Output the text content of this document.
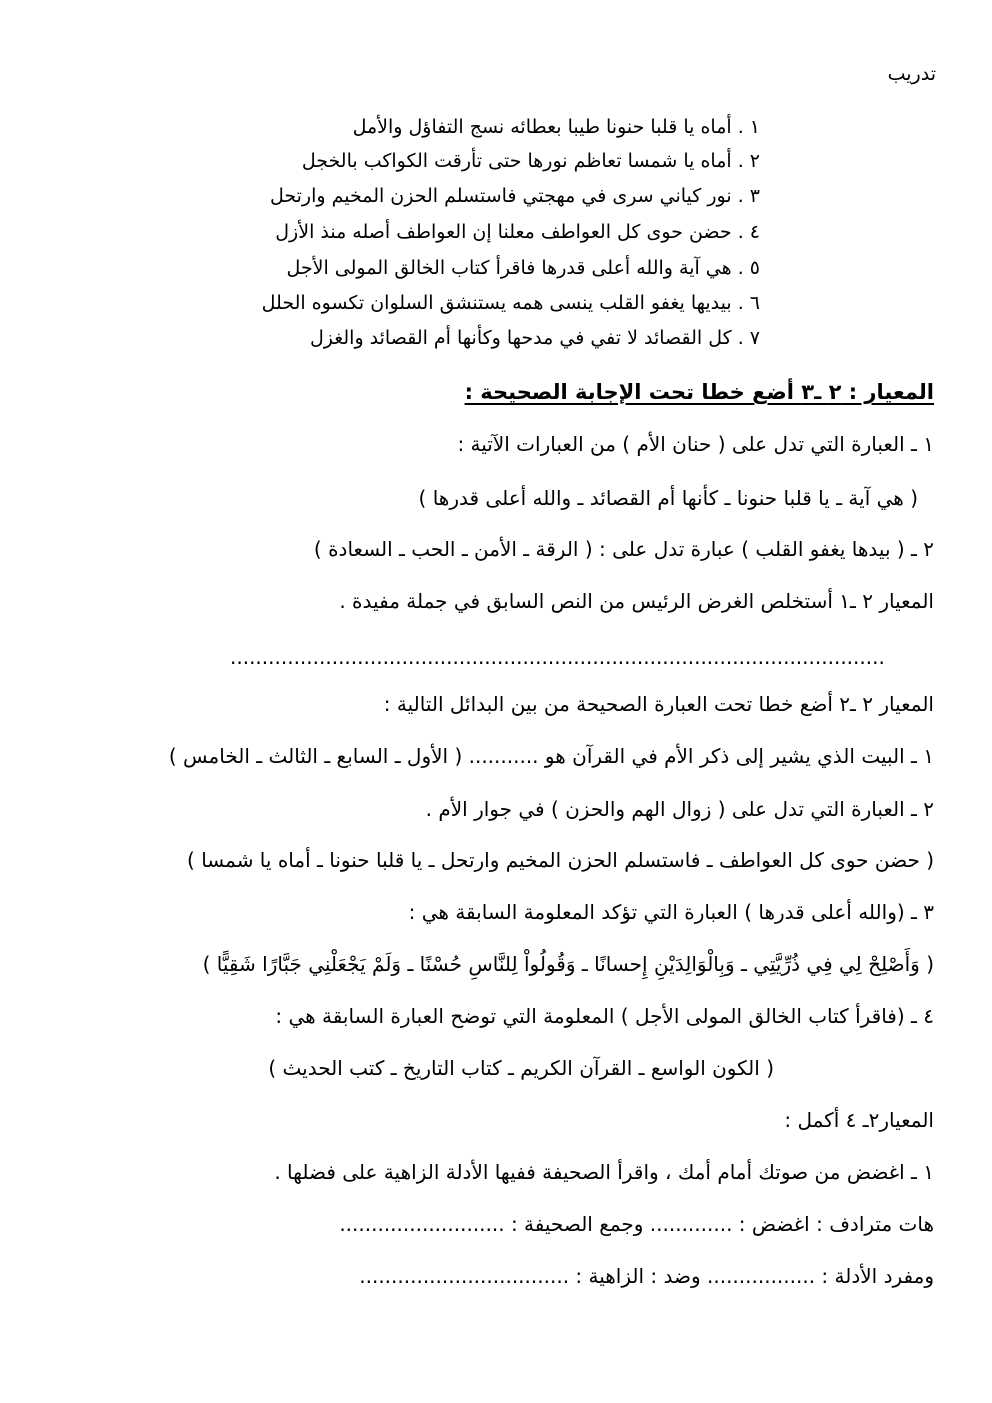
تدريب
١ . أماه يا قلبا حنونا طيبا بعطائه نسج التفاؤل والأمل
٢ . أماه يا شمسا تعاظم نورها حتى تأرقت الكواكب بالخجل
٣ . نور كياني سرى في مهجتي فاستسلم الحزن المخيم وارتحل
٤ . حضن حوى كل العواطف معلنا إن العواطف أصله منذ الأزل
٥ . هي آية والله أعلى قدرها فاقرأ كتاب الخالق المولى الأجل
٦ . بيديها يغفو القلب ينسى همه يستنشق السلوان تكسوه الحلل
٧ . كل القصائد لا تفي في مدحها وكأنها أم القصائد والغزل
المعيار : ٢ ـ٣ أضع خطا تحت الإجابة الصحيحة :
١ ـ العبارة التي تدل على ( حنان الأم ) من العبارات الآتية :
( هي آية ـ يا قلبا حنونا ـ كأنها أم القصائد ـ والله أعلى قدرها )
٢ ـ ( بيدها يغفو القلب ) عبارة تدل على : ( الرقة ـ الأمن ـ الحب ـ السعادة )
المعيار ٢ ـ١ أستخلص الغرض الرئيس من النص السابق في جملة مفيدة .
.......................................................................................................
المعيار ٢ ـ٢ أضع خطا تحت العبارة الصحيحة من بين البدائل التالية :
١ ـ البيت الذي يشير إلى ذكر الأم في القرآن هو ........... ( الأول ـ السابع ـ الثالث ـ الخامس )
٢ ـ العبارة التي تدل على ( زوال الهم والحزن ) في جوار الأم .
( حضن حوى كل العواطف ـ فاستسلم الحزن المخيم وارتحل ـ يا قلبا حنونا ـ أماه يا شمسا )
٣ ـ (والله أعلى قدرها ) العبارة التي تؤكد المعلومة السابقة هي :
( وَأَصْلِحْ لِي فِي ذُرِّيَّتِي ـ وَبِالْوَالِدَيْنِ إِحسانًا ـ وَقُولُواْ لِلنَّاسِ حُسْنًا ـ وَلَمْ يَجْعَلْنِي جَبَّارًا شَقِيًّا )
٤ ـ (فاقرأ كتاب الخالق المولى الأجل ) المعلومة التي توضح العبارة السابقة هي :
( الكون الواسع ـ القرآن الكريم ـ كتاب التاريخ ـ كتب الحديث )
المعيار٢ـ ٤ أكمل :
١ ـ اغضض من صوتك أمام أمك ، واقرأ الصحيفة ففيها الأدلة الزاهية على فضلها .
هات مترادف : اغضض : ............. وجمع الصحيفة : ..........................
ومفرد الأدلة : ................. وضد : الزاهية : .................................
